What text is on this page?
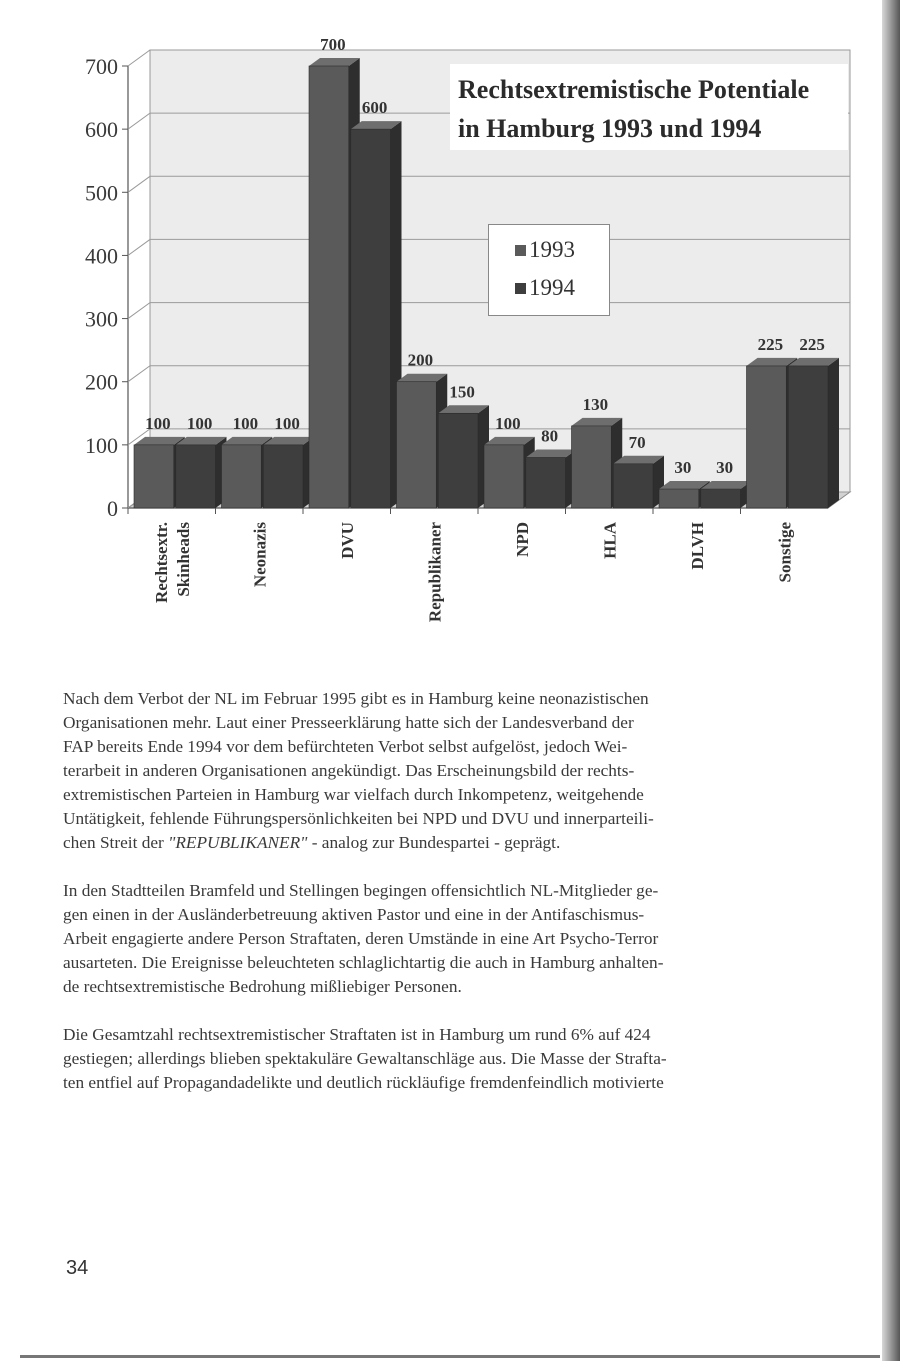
0
100
200
300
400
500
600
700
100 100
Rechtsextr. Skinheads
100 100
Neonazis
700
600
DVU
200
150
Republikaner
100
80
NPD
130
70
HLA
30 30
DLVH
225 225
Sonstige
Rechtsextremistische Potentiale
in Hamburg 1993 und 1994
1993
1994
Nach dem Verbot der NL im Februar 1995 gibt es in Hamburg keine neonazistischen
Organisationen mehr. Laut einer Presseerklärung hatte sich der Landesverband der
FAP bereits Ende 1994 vor dem befürchteten Verbot selbst aufgelöst, jedoch Wei-
terarbeit in anderen Organisationen angekündigt. Das Erscheinungsbild der rechts-
extremistischen Parteien in Hamburg war vielfach durch Inkompetenz, weitgehende
Untätigkeit, fehlende Führungspersönlichkeiten bei NPD und DVU und innerparteili-
chen Streit der "REPUBLIKANER" - analog zur Bundespartei - geprägt.
In den Stadtteilen Bramfeld und Stellingen begingen offensichtlich NL-Mitglieder ge-
gen einen in der Ausländerbetreuung aktiven Pastor und eine in der Antifaschismus-
Arbeit engagierte andere Person Straftaten, deren Umstände in eine Art Psycho-Terror
ausarteten. Die Ereignisse beleuchteten schlaglichtartig die auch in Hamburg anhalten-
de rechtsextremistische Bedrohung mißliebiger Personen.
Die Gesamtzahl rechtsextremistischer Straftaten ist in Hamburg um rund 6% auf 424
gestiegen; allerdings blieben spektakuläre Gewaltanschläge aus. Die Masse der Strafta-
ten entfiel auf Propagandadelikte und deutlich rückläufige fremdenfeindlich motivierte
34
